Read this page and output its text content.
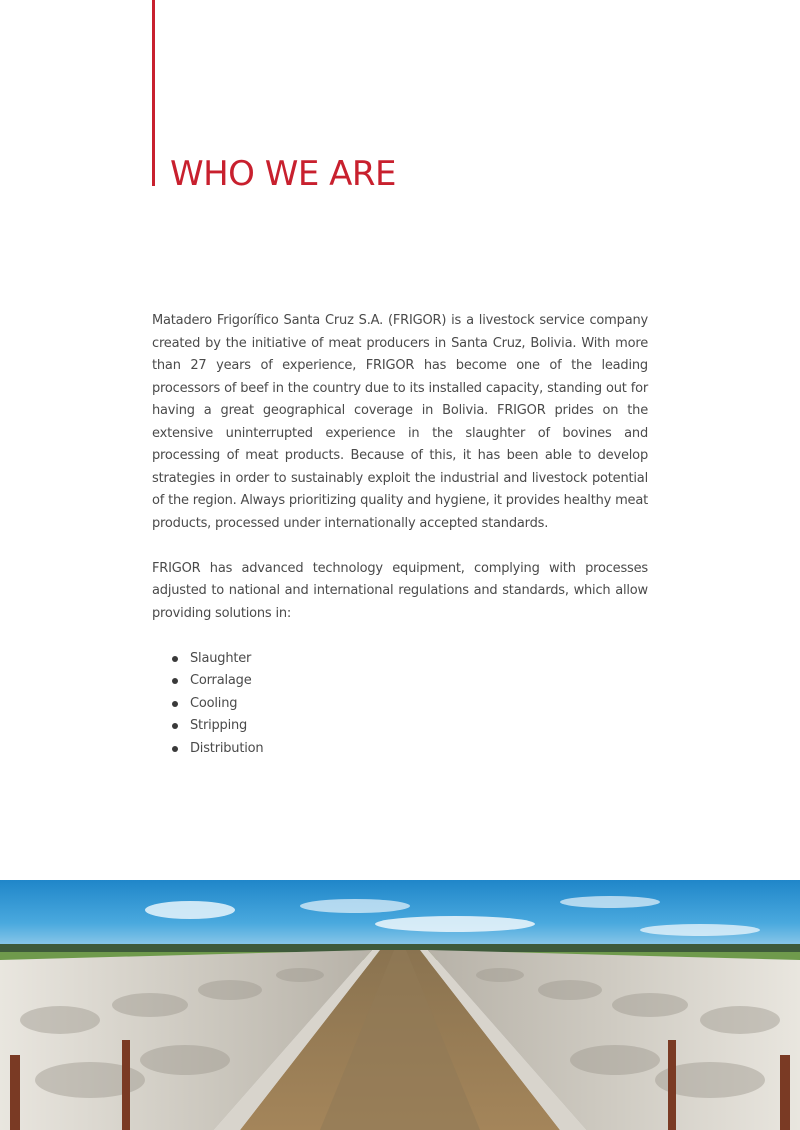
WHO WE ARE

Matadero Frigorífico Santa Cruz S.A. (FRIGOR) is a livestock service company created by the initiative of meat producers in Santa Cruz, Bolivia. With more than 27 years of experience, FRIGOR has become one of the leading processors of beef in the country due to its installed capacity, standing out for having a great geographical coverage in Bolivia. FRIGOR prides on the extensive uninterrupted experience in the slaughter of bovines and processing of meat products. Because of this, it has been able to develop strategies in order to sustainably exploit the industrial and livestock potential of the region. Always prioritizing quality and hygiene, it provides healthy meat products, processed under internationally accepted standards.

FRIGOR has advanced technology equipment, complying with processes adjusted to national and international regulations and standards, which allow providing solutions in:

Slaughter
Corralage
Cooling
Stripping
Distribution
